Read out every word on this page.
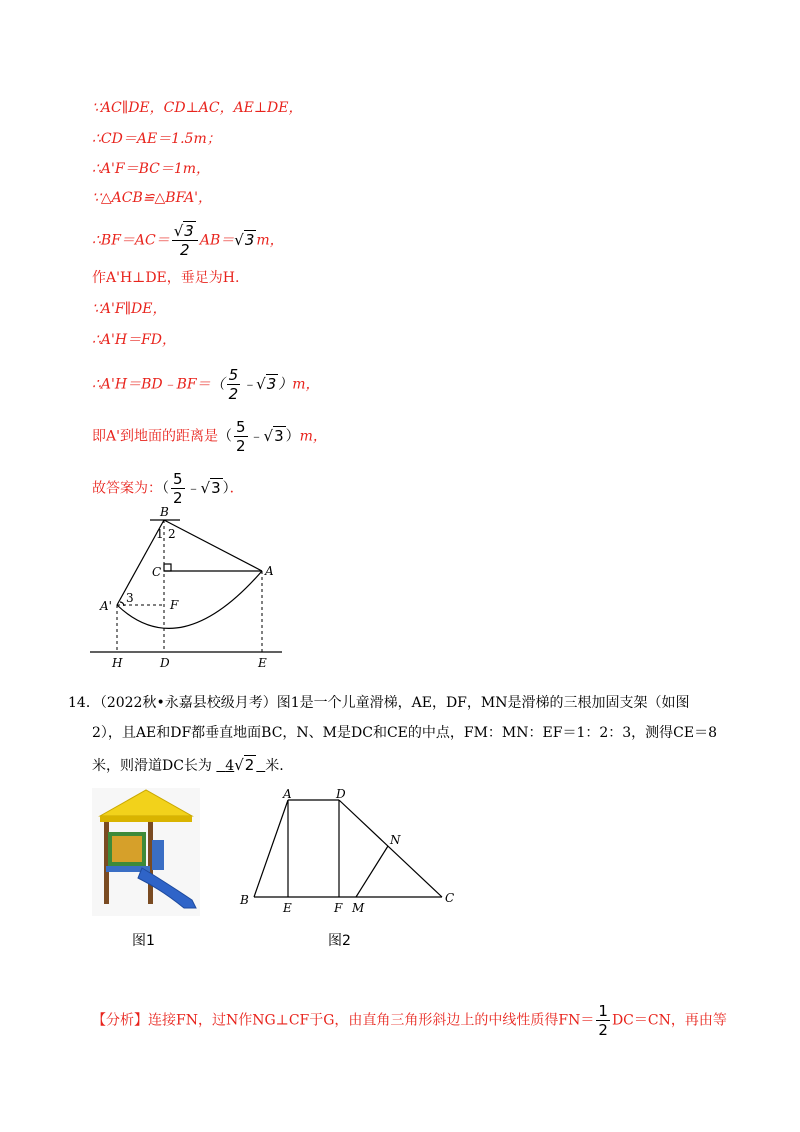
∵AC∥DE，CD⊥AC，AE⊥DE，
∴CD＝AE＝1.5m；
∴A'F＝BC＝1m，
∵△ACB≌△BFA'，
∴BF＝AC＝ $\frac{√3}{2} AB=√3$ m，
作A'H⊥DE，垂足为H.
∵A'F∥DE，
∴A'H＝FD，
∴A'H＝BD﹣BF＝（ $\frac{5}{2}$ ﹣√3 ）m，
即A'到地面的距离是（ $\frac{5}{2}$ ﹣√3 ）m，
故答案为：（ $\frac{5}{2}$ ﹣√3 ）．
B
1 2
C	A
A'
3	F
H	D	E
14．（2022秋•永嘉县校级月考）图1是一个儿童滑梯，AE，DF，MN是滑梯的三根加固支架（如图
2），且AE和DF都垂直地面BC，N、M是DC和CE的中点，FM：MN：EF＝1：2：3，测得CE＝8
米，则滑道DC长为 4√2 米.
A	D
N
B
E	F M
C
图1	图2
【分析】连接FN，过N作NG⊥CF于G，由直角三角形斜边上的中线性质得$FN= \frac{1}{2} DC=CN$，再由等
